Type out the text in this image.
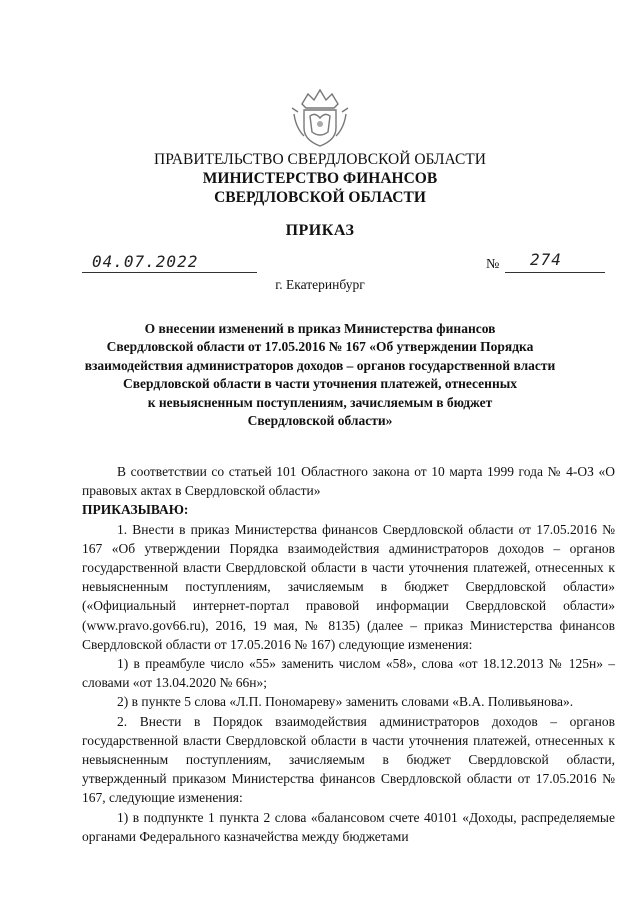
ПРАВИТЕЛЬСТВО СВЕРДЛОВСКОЙ ОБЛАСТИ
МИНИСТЕРСТВО ФИНАНСОВ
СВЕРДЛОВСКОЙ ОБЛАСТИ
ПРИКАЗ
04.07.2022	№ 274
г. Екатеринбург
О внесении изменений в приказ Министерства финансов
Свердловской области от 17.05.2016 № 167 «Об утверждении Порядка
взаимодействия администраторов доходов – органов государственной власти
Свердловской области в части уточнения платежей, отнесенных
к невыясненным поступлениям, зачисляемым в бюджет
Свердловской области»

В соответствии со статьей 101 Областного закона от 10 марта 1999 года № 4-ОЗ «О правовых актах в Свердловской области»

ПРИКАЗЫВАЮ:

1. Внести в приказ Министерства финансов Свердловской области от 17.05.2016 № 167 «Об утверждении Порядка взаимодействия администраторов доходов – органов государственной власти Свердловской области в части уточнения платежей, отнесенных к невыясненным поступлениям, зачисляемым в бюджет Свердловской области» («Официальный интернет-портал правовой информации Свердловской области» (www.pravo.gov66.ru), 2016, 19 мая, № 8135) (далее – приказ Министерства финансов Свердловской области от 17.05.2016 № 167) следующие изменения:

1) в преамбуле число «55» заменить числом «58», слова «от 18.12.2013 № 125н» – словами «от 13.04.2020 № 66н»;

2) в пункте 5 слова «Л.П. Пономареву» заменить словами «В.А. Поливьянова».

2. Внести в Порядок взаимодействия администраторов доходов – органов государственной власти Свердловской области в части уточнения платежей, отнесенных к невыясненным поступлениям, зачисляемым в бюджет Свердловской области, утвержденный приказом Министерства финансов Свердловской области от 17.05.2016 № 167, следующие изменения:

1) в подпункте 1 пункта 2 слова «балансовом счете 40101 «Доходы, распределяемые органами Федерального казначейства между бюджетами
